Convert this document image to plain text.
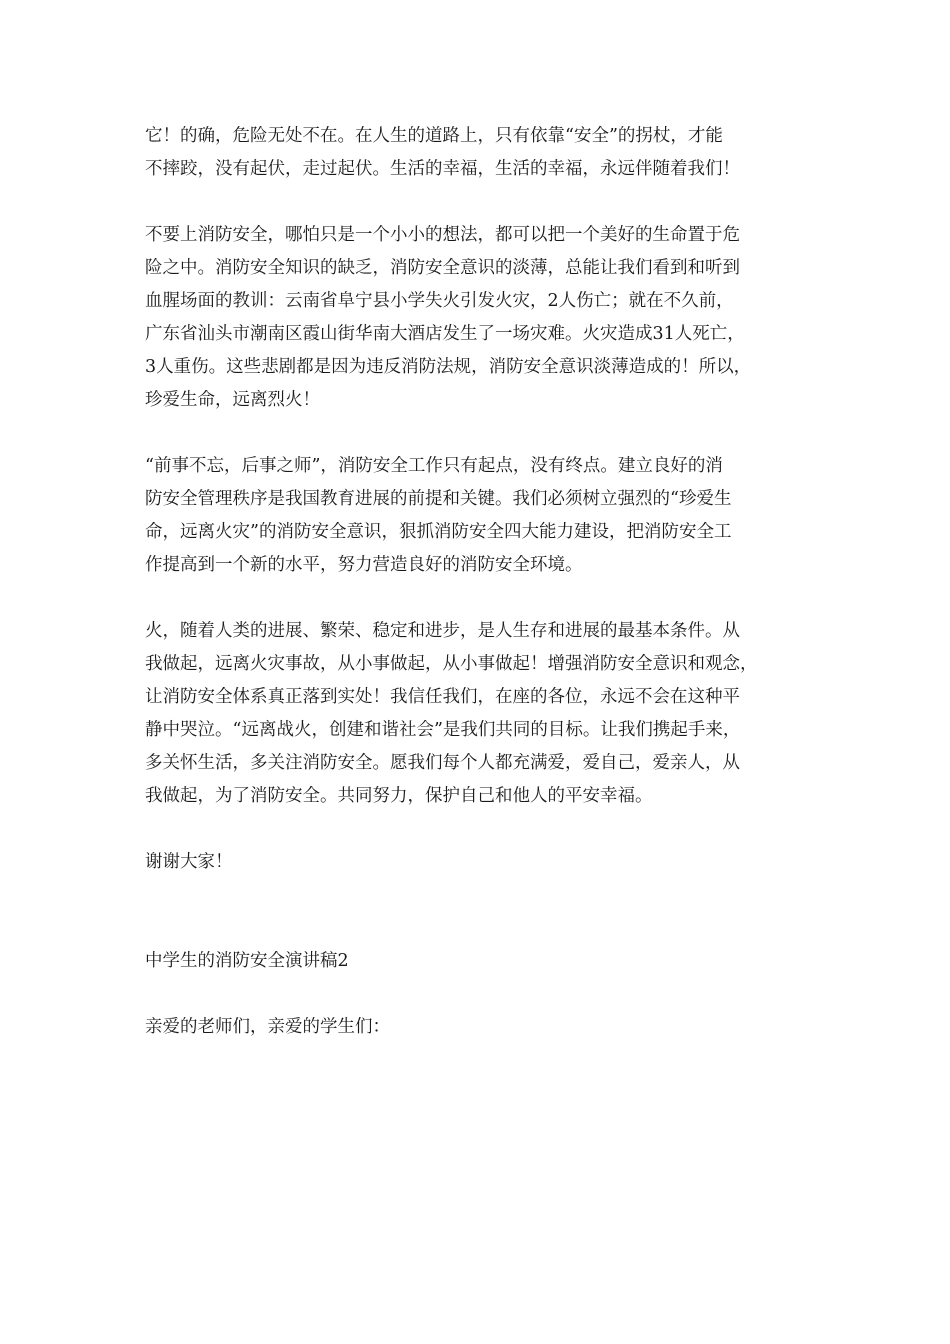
它！的确，危险无处不在。在人生的道路上，只有依靠“安全”的拐杖，才能
不摔跤，没有起伏，走过起伏。生活的幸福，生活的幸福，永远伴随着我们！
不要上消防安全，哪怕只是一个小小的想法，都可以把一个美好的生命置于危
险之中。消防安全知识的缺乏，消防安全意识的淡薄，总能让我们看到和听到
血腥场面的教训：云南省阜宁县小学失火引发火灾，2人伤亡；就在不久前，
广东省汕头市潮南区霞山街华南大酒店发生了一场灾难。火灾造成31人死亡，
3人重伤。这些悲剧都是因为违反消防法规，消防安全意识淡薄造成的！所以，
珍爱生命，远离烈火！
“前事不忘，后事之师”，消防安全工作只有起点，没有终点。建立良好的消
防安全管理秩序是我国教育进展的前提和关键。我们必须树立强烈的“珍爱生
命，远离火灾”的消防安全意识，狠抓消防安全四大能力建设，把消防安全工
作提高到一个新的水平，努力营造良好的消防安全环境。
火，随着人类的进展、繁荣、稳定和进步，是人生存和进展的最基本条件。从
我做起，远离火灾事故，从小事做起，从小事做起！增强消防安全意识和观念，
让消防安全体系真正落到实处！我信任我们，在座的各位，永远不会在这种平
静中哭泣。“远离战火，创建和谐社会”是我们共同的目标。让我们携起手来，
多关怀生活，多关注消防安全。愿我们每个人都充满爱，爱自己，爱亲人，从
我做起，为了消防安全。共同努力，保护自己和他人的平安幸福。
谢谢大家！
中学生的消防安全演讲稿2
亲爱的老师们，亲爱的学生们：
